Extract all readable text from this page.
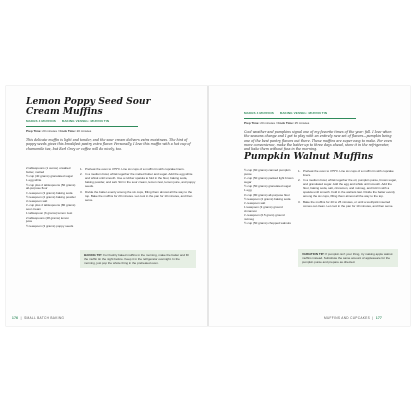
Lemon Poppy Seed Sour Cream Muffins
MAKES 4 MUFFINS BAKING VESSEL: MUFFIN TIN
Prep Time: 20 minutes / Cook Time: 20 minutes

This delicate muffin is light and tender, and the sour cream delivers extra moistness. The hint of poppy seeds gives this breakfast pastry extra flavor. Personally, I love this muffin with a hot cup of chamomile tea, but Earl Grey or coffee will do nicely, too.

2 tablespoons (1 ounce) unsalted butter, melted
½ cup (40 grams) granulated sugar
1 egg white
½ cup plus 2 tablespoons (50 grams) all-purpose flour
¾ teaspoon (3 grams) baking soda
½ teaspoon (2 grams) baking powder
⅛ teaspoon salt
¼ cup plus 2 tablespoons (80 grams) sour cream
1 tablespoon (6 grams) lemon zest
2 tablespoons (28 grams) lemon juice
½ teaspoon (3 grams) poppy seeds
1. Preheat the oven to 375°F. Line six cups of a muffin tin with cupcake liners.
2. In a medium bowl, whisk together the melted butter and sugar. Add the egg white and whisk until smooth. Use a rubber spatula to fold in the flour, baking soda, baking powder, and salt. Stir in the sour cream, lemon zest, lemon juice, and poppy seeds.
3. Divide the batter evenly among the six cups, filling them almost all the way to the top. Bake the muffins for 20 minutes. Let cool in the pan for 10 minutes, and then serve.
BAKING TIP: For freshly baked muffins in the morning, make the batter and fill the muffin tin the night before. Keep it in the refrigerator overnight. In the morning, just pop the whole thing in the preheated oven.
176  |  SMALL BATCH BAKING
Pumpkin Walnut Muffins
MAKES 4 MUFFINS BAKING VESSEL: MUFFIN TIN
Prep Time: 20 minutes / Cook Time: 25 minutes

Cool weather and pumpkins signal one of my favorite times of the year: fall. I love when the seasons change and I get to play with an entirely new set of flavors—pumpkin being one of the best pantry flavors out there. These muffins are super easy to make. For even more convenience, make the batter up to three days ahead, store it in the refrigerator, and bake them without fuss in the morning.

½ cup (60 grams) canned pumpkin purée
¼ cup (50 grams) packed light brown sugar
½ cup (50 grams) granulated sugar
1 egg
⅔ cup (80 grams) all-purpose flour
½ teaspoon (2 grams) baking soda
¼ teaspoon salt
1 teaspoon (3 grams) ground cinnamon
¼ teaspoon (0.5 gram) ground nutmeg
½ cup (50 grams) chopped walnuts
1. Preheat the oven to 375°F. Line six cups of a muffin tin with cupcake liners.
2. In a medium bowl, whisk together the oil, pumpkin purée, brown sugar, and granulated sugar. Add the egg and whisk until smooth. Add the flour, baking soda, salt, cinnamon, and nutmeg, and fold in with a spatula until smooth. Fold in the walnuts last. Divide the batter evenly among the six cups, filling them almost all the way to the top.
3. Bake the muffins for 20 to 25 minutes, or until a toothpick inserted comes out clean. Let cool in the pan for 10 minutes, and then serve.
VARIATION TIP: If pumpkin isn't your thing, try making apple walnut muffins instead. Substitute the same amount of applesauce for the pumpkin purée and prepare as directed.
MUFFINS AND CUPCAKES  |  177
